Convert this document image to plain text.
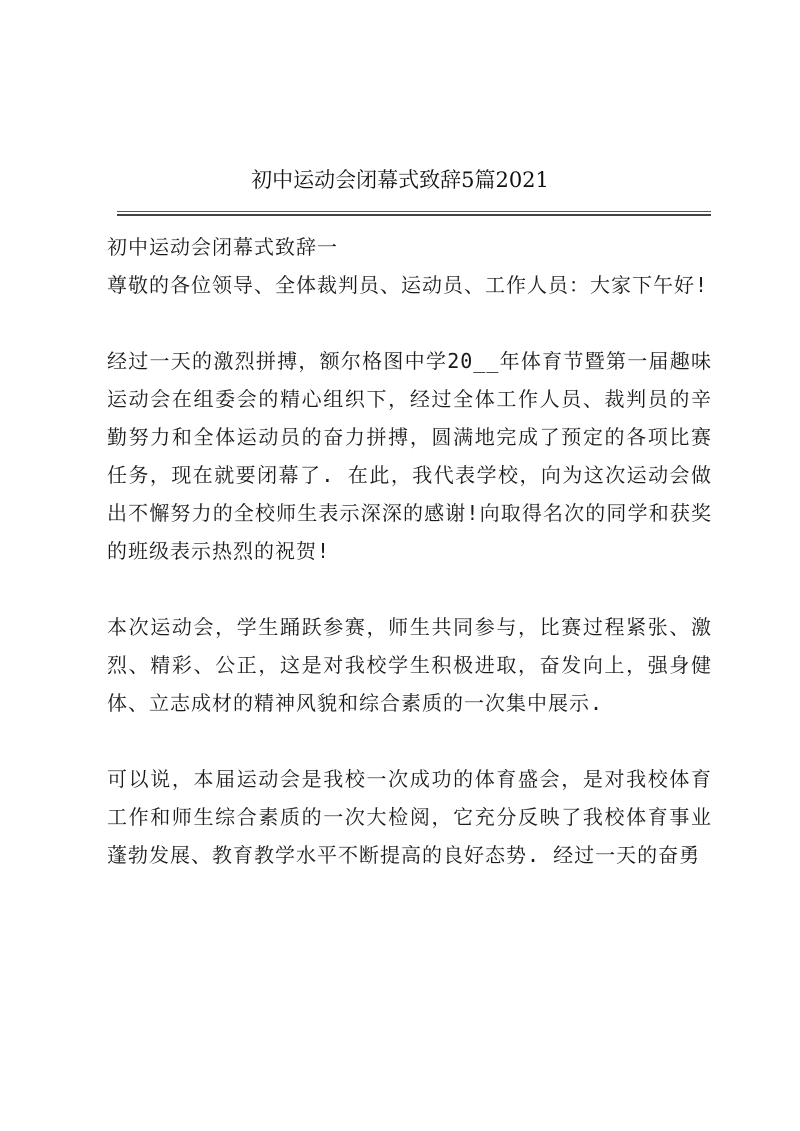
初中运动会闭幕式致辞5篇2021

初中运动会闭幕式致辞一

尊敬的各位领导、全体裁判员、运动员、工作人员：大家下午好!

经过一天的激烈拼搏，额尔格图中学20__年体育节暨第一届趣味运动会在组委会的精心组织下，经过全体工作人员、裁判员的辛勤努力和全体运动员的奋力拼搏，圆满地完成了预定的各项比赛任务，现在就要闭幕了. 在此，我代表学校，向为这次运动会做出不懈努力的全校师生表示深深的感谢!向取得名次的同学和获奖的班级表示热烈的祝贺!

本次运动会，学生踊跃参赛，师生共同参与，比赛过程紧张、激烈、精彩、公正，这是对我校学生积极进取，奋发向上，强身健体、立志成材的精神风貌和综合素质的一次集中展示.

可以说，本届运动会是我校一次成功的体育盛会，是对我校体育工作和师生综合素质的一次大检阅，它充分反映了我校体育事业蓬勃发展、教育教学水平不断提高的良好态势. 经过一天的奋勇
